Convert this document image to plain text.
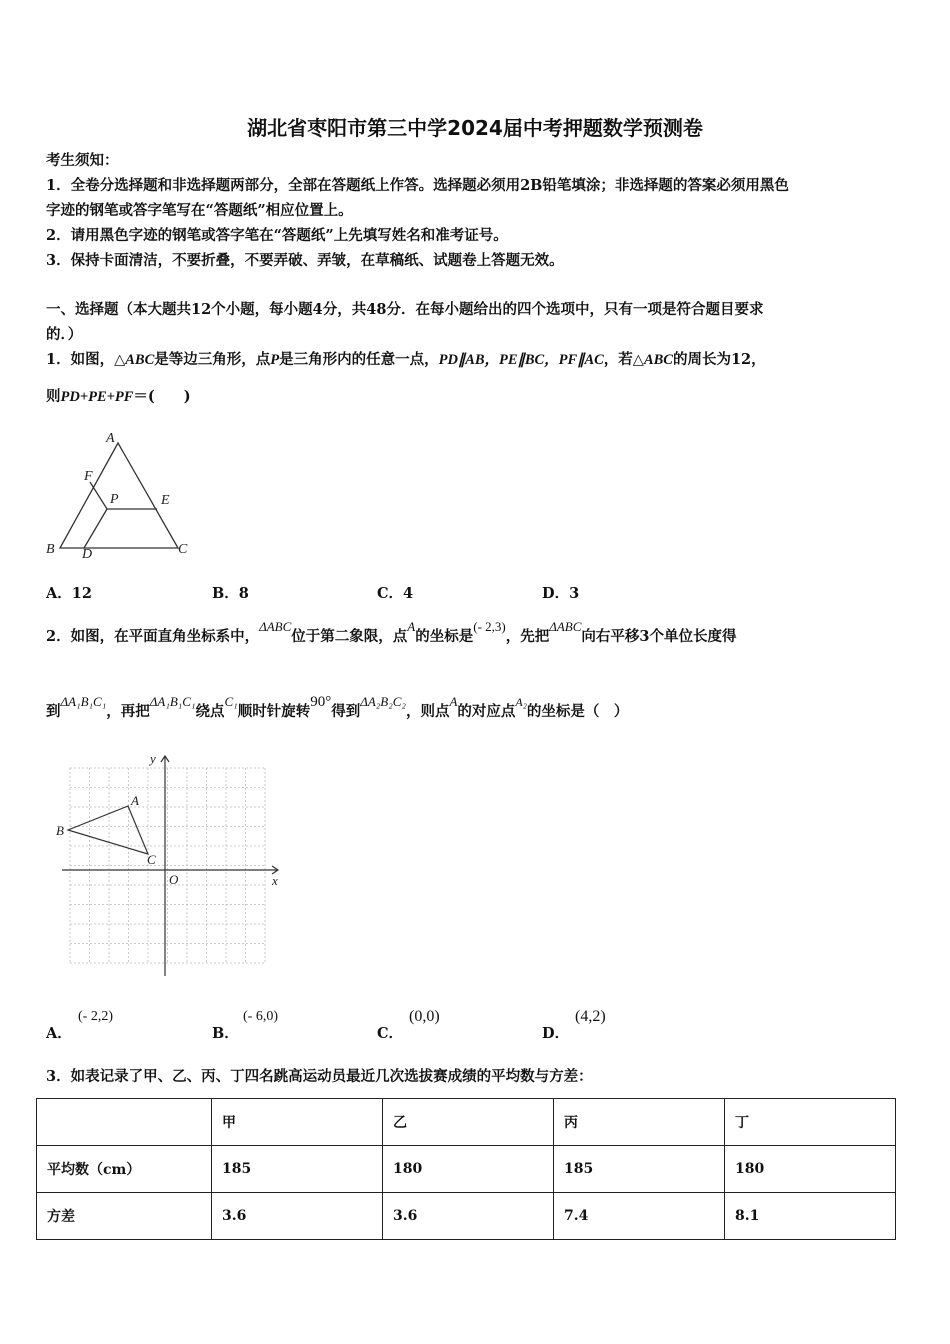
湖北省枣阳市第三中学2024届中考押题数学预测卷
考生须知：
1．全卷分选择题和非选择题两部分，全部在答题纸上作答。选择题必须用2B铅笔填涂；非选择题的答案必须用黑色
字迹的钢笔或答字笔写在“答题纸”相应位置上。
2．请用黑色字迹的钢笔或答字笔在“答题纸”上先填写姓名和准考证号。
3．保持卡面清洁，不要折叠，不要弄破、弄皱，在草稿纸、试题卷上答题无效。
一、选择题（本大题共12个小题，每小题4分，共48分．在每小题给出的四个选项中，只有一项是符合题目要求
的．）
1．如图，△ABC是等边三角形，点P是三角形内的任意一点，PD∥AB，PE∥BC，PF∥AC，若△ABC的周长为12，
则PD+PE+PF＝(　　)
A
F
P	E
B D	C
A．12	B．8	C．4	D．3
2．如图，在平面直角坐标系中，ΔABC位于第二象限，点A的坐标是(- 2,3)，先把ΔABC向右平移3个单位长度得
到ΔA₁B₁C₁，再把ΔA₁B₁C₁绕点C₁顺时针旋转90°得到ΔA₂B₂C₂，则点A的对应点$^{A_2}$的坐标是（　）
y
x
O
A
B
C
A．
(- 2,2)
B．
(- 6,0)
C．
(0,0)
D．
(4,2)
3．如表记录了甲、乙、丙、丁四名跳高运动员最近几次选拔赛成绩的平均数与方差：
	甲	乙	丙	丁
平均数（cm）	185	180	185	180
方差	3.6	3.6	7.4	8.1
